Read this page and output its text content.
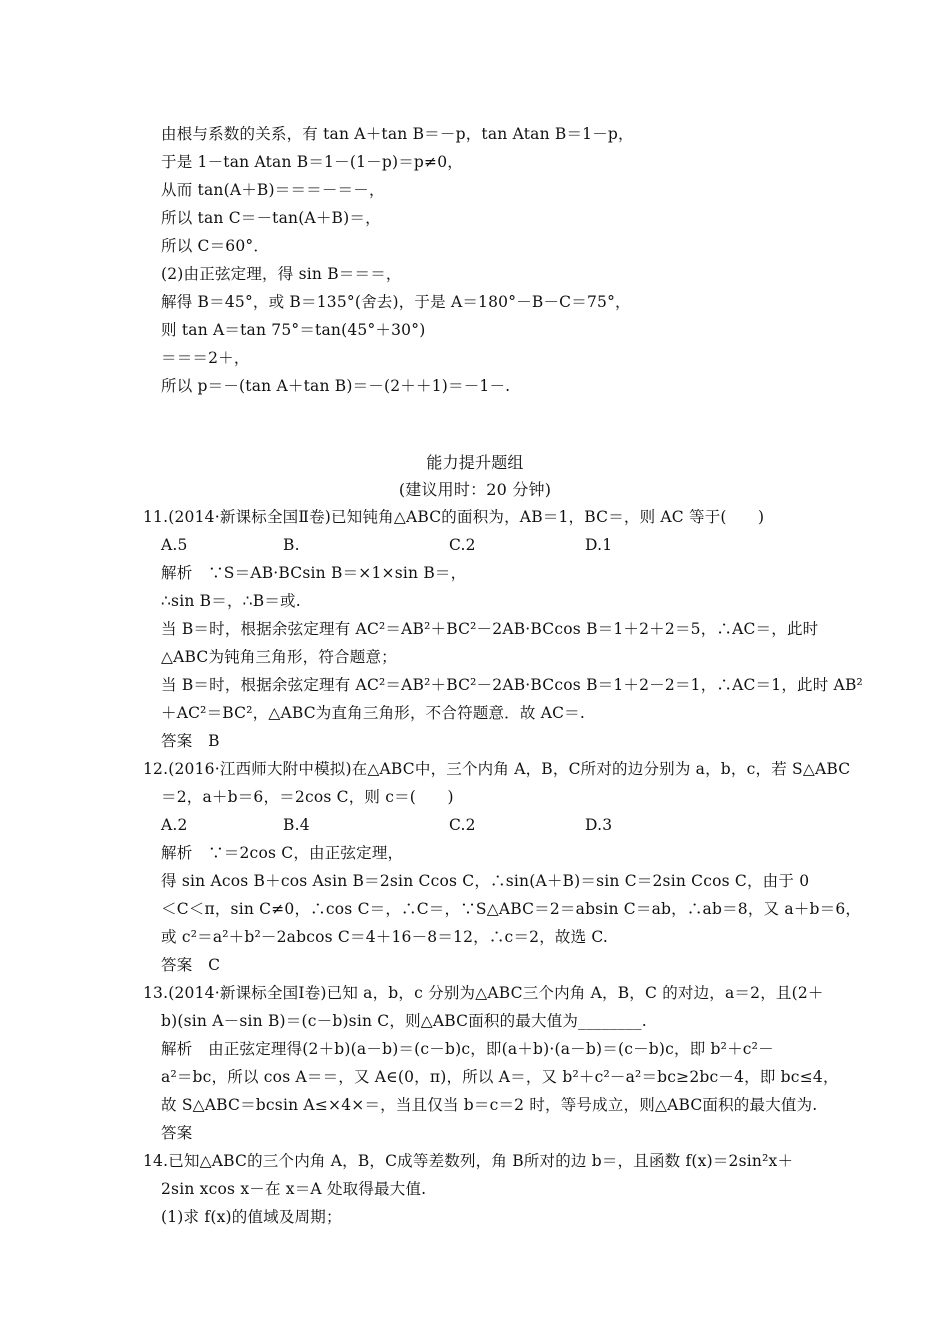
由根与系数的关系，有 tan A＋tan B＝－p，tan Atan B＝1－p，
于是 1－tan Atan B＝1－(1－p)＝p≠0，
从而 tan(A＋B)＝＝＝－＝－，
所以 tan C＝－tan(A＋B)＝，
所以 C＝60°．
(2)由正弦定理，得 sin B＝＝＝，
解得 B＝45°，或 B＝135°(舍去)，于是 A＝180°－B－C＝75°，
则 tan A＝tan 75°＝tan(45°＋30°)
＝＝＝2＋，
所以 p＝－(tan A＋tan B)＝－(2＋＋1)＝－1－.
能力提升题组
(建议用时：20 分钟)
11.(2014·新课标全国Ⅱ卷)已知钝角△ABC的面积为，AB＝1，BC＝，则 AC 等于(　　)
A.5	B.	C.2	D.1
解析　∵S＝AB·BCsin B＝×1×sin B＝，
∴sin B＝，∴B＝或.
当 B＝时，根据余弦定理有 AC²＝AB²＋BC²－2AB·BCcos B＝1＋2＋2＝5，∴AC＝，此时
△ABC为钝角三角形，符合题意；
当 B＝时，根据余弦定理有 AC²＝AB²＋BC²－2AB·BCcos B＝1＋2－2＝1，∴AC＝1，此时 AB²
＋AC²＝BC²，△ABC为直角三角形，不合符题意．故 AC＝.
答案　B
12.(2016·江西师大附中模拟)在△ABC中，三个内角 A，B，C所对的边分别为 a，b，c，若 S△ABC
＝2，a＋b＝6，＝2cos C，则 c＝(　　)
A.2	B.4	C.2	D.3
解析　∵＝2cos C，由正弦定理，
得 sin Acos B＋cos Asin B＝2sin Ccos C，∴sin(A＋B)＝sin C＝2sin Ccos C，由于 0
＜C＜π，sin C≠0，∴cos C＝，∴C＝，∵S△ABC＝2＝absin C＝ab，∴ab＝8，又 a＋b＝6，
或 c²＝a²＋b²－2abcos C＝4＋16－8＝12，∴c＝2，故选 C.
答案　C
13.(2014·新课标全国Ⅰ卷)已知 a，b，c 分别为△ABC三个内角 A，B，C 的对边，a＝2，且(2＋
b)(sin A－sin B)＝(c－b)sin C，则△ABC面积的最大值为________.
解析　由正弦定理得(2＋b)(a－b)＝(c－b)c，即(a＋b)·(a－b)＝(c－b)c，即 b²＋c²－
a²＝bc，所以 cos A＝＝，又 A∈(0，π)，所以 A＝，又 b²＋c²－a²＝bc≥2bc－4，即 bc≤4，
故 S△ABC＝bcsin A≤×4×＝，当且仅当 b＝c＝2 时，等号成立，则△ABC面积的最大值为.
答案
14.已知△ABC的三个内角 A，B，C成等差数列，角 B所对的边 b＝，且函数 f(x)＝2sin²x＋
2sin xcos x－在 x＝A 处取得最大值.
(1)求 f(x)的值域及周期；
